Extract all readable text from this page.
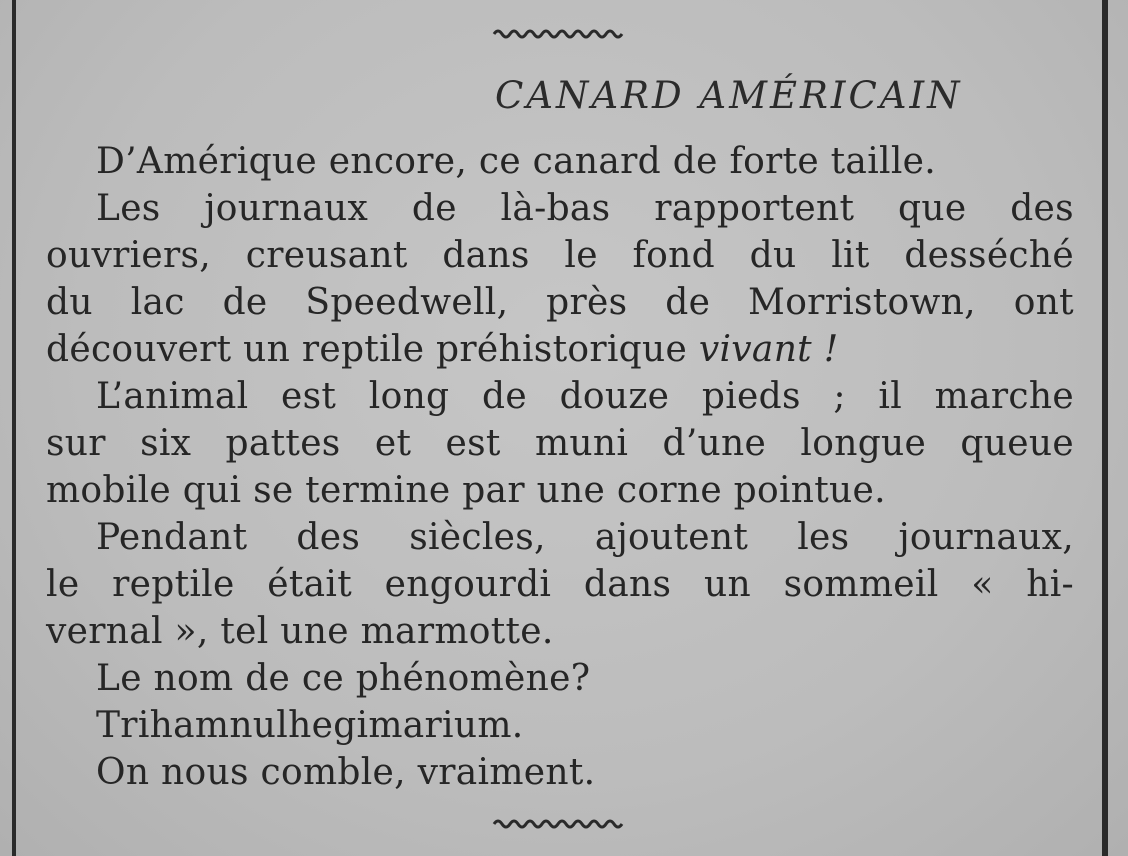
CANARD AMÉRICAIN
D’Amérique encore, ce canard de forte taille.
Les journaux de là-bas rapportent que des
ouvriers, creusant dans le fond du lit desséché
du lac de Speedwell, près de Morristown, ont
découvert un reptile préhistorique vivant !
L’animal est long de douze pieds ; il marche
sur six pattes et est muni d’une longue queue
mobile qui se termine par une corne pointue.
Pendant des siècles, ajoutent les journaux,
le reptile était engourdi dans un sommeil « hi-
vernal », tel une marmotte.
Le nom de ce phénomène?
Trihamnulhegimarium.
On nous comble, vraiment.
